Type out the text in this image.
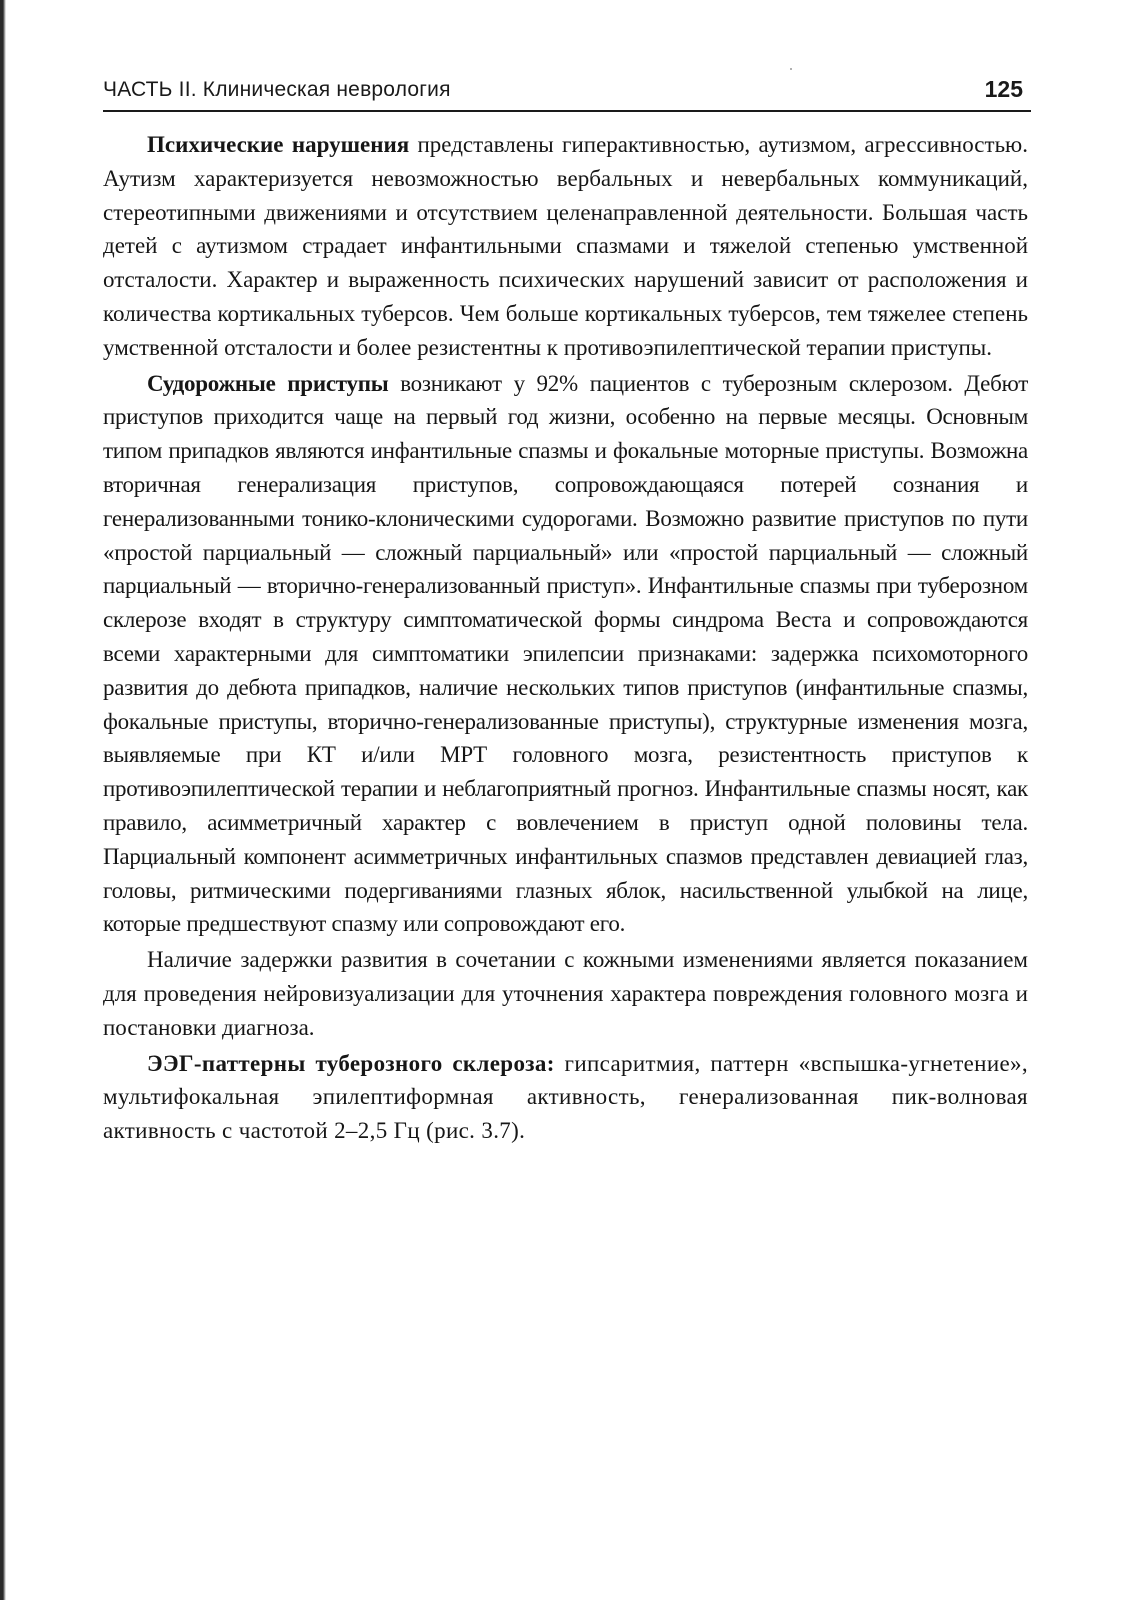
ЧАСТЬ II. Клиническая неврология	125

Психические нарушения представлены гиперактивностью, аутизмом, агрессивностью. Аутизм характеризуется невозможностью вербальных и невербальных коммуникаций, стереотипными движениями и отсутствием целенаправленной деятельности. Большая часть детей с аутизмом страдает инфантильными спазмами и тяжелой степенью умственной отсталости. Характер и выраженность психических нарушений зависит от расположения и количества кортикальных туберсов. Чем больше кортикальных туберсов, тем тяжелее степень умственной отсталости и более резистентны к противоэпилептической терапии приступы.

Судорожные приступы возникают у 92% пациентов с туберозным склерозом. Дебют приступов приходится чаще на первый год жизни, особенно на первые месяцы. Основным типом припадков являются инфантильные спазмы и фокальные моторные приступы. Возможна вторичная генерализация приступов, сопровождающаяся потерей сознания и генерализованными тонико-клоническими судорогами. Возможно развитие приступов по пути «простой парциальный — сложный парциальный» или «простой парциальный — сложный парциальный — вторично-генерализованный приступ». Инфантильные спазмы при туберозном склерозе входят в структуру симптоматической формы синдрома Веста и сопровождаются всеми характерными для симптоматики эпилепсии признаками: задержка психомоторного развития до дебюта припадков, наличие нескольких типов приступов (инфантильные спазмы, фокальные приступы, вторично-генерализованные приступы), структурные изменения мозга, выявляемые при КТ и/или МРТ головного мозга, резистентность приступов к противоэпилептической терапии и неблагоприятный прогноз. Инфантильные спазмы носят, как правило, асимметричный характер с вовлечением в приступ одной половины тела. Парциальный компонент асимметричных инфантильных спазмов представлен девиацией глаз, головы, ритмическими подергиваниями глазных яблок, насильственной улыбкой на лице, которые предшествуют спазму или сопровождают его.

Наличие задержки развития в сочетании с кожными изменениями является показанием для проведения нейровизуализации для уточнения характера повреждения головного мозга и постановки диагноза.

ЭЭГ-паттерны туберозного склероза: гипсаритмия, паттерн «вспышка-угнетение», мультифокальная эпилептиформная активность, генерализованная пик-волновая активность с частотой 2–2,5 Гц (рис. 3.7).
